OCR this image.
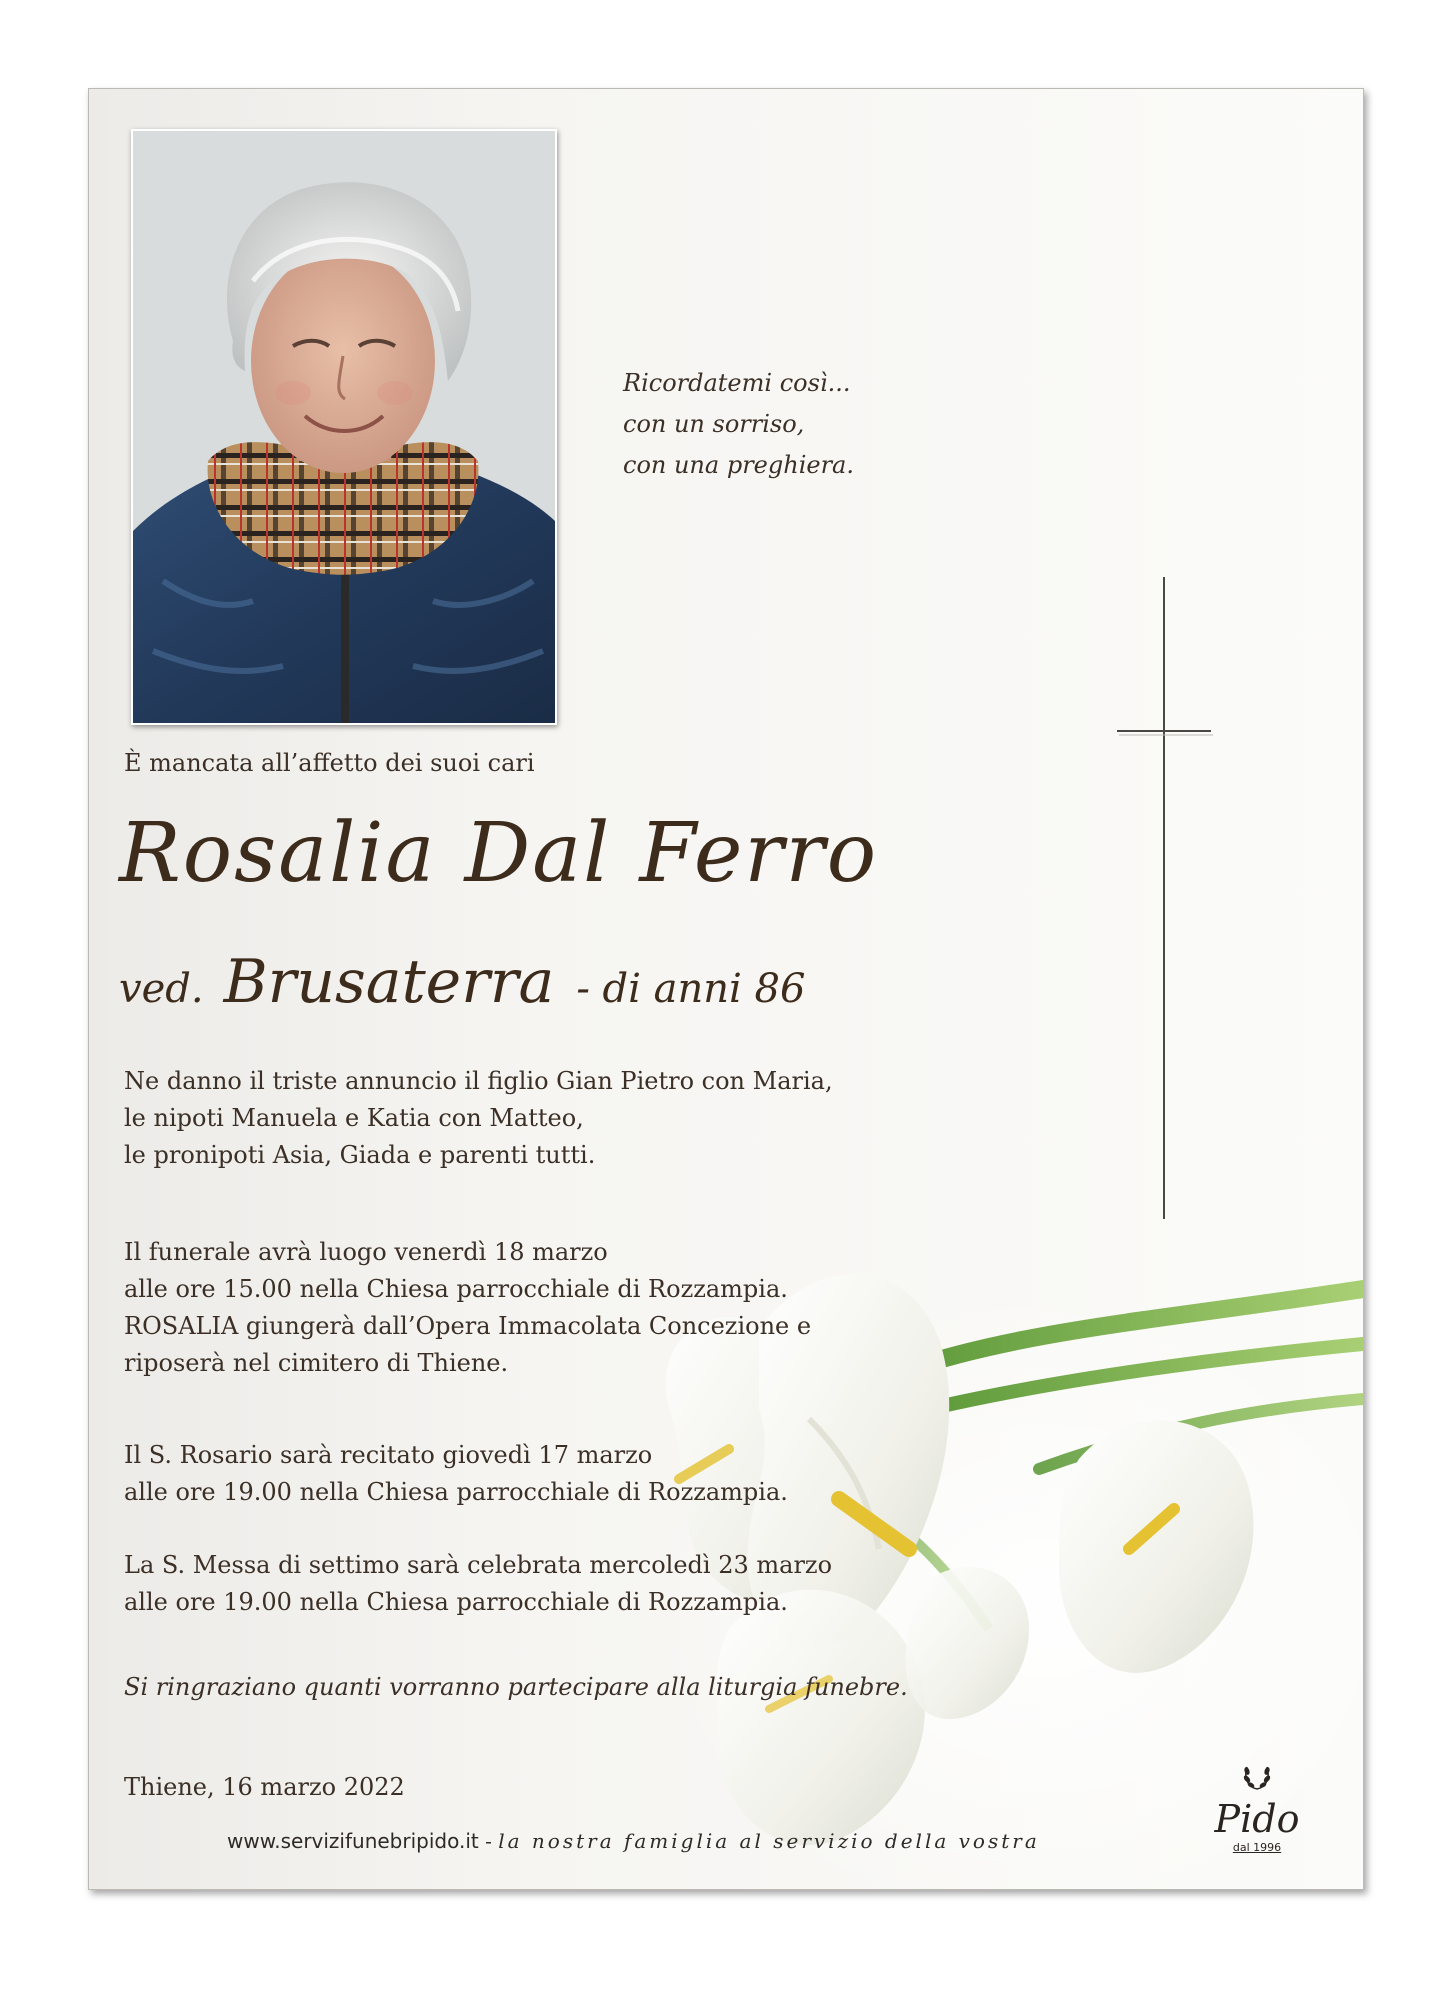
Ricordatemi così...
con un sorriso,
con una preghiera.
È mancata all’affetto dei suoi cari
Rosalia Dal Ferro
ved. Brusaterra - di anni 86
Ne danno il triste annuncio il figlio Gian Pietro con Maria,
le nipoti Manuela e Katia con Matteo,
le pronipoti Asia, Giada e parenti tutti.
Il funerale avrà luogo venerdì 18 marzo
alle ore 15.00 nella Chiesa parrocchiale di Rozzampia.
ROSALIA giungerà dall’Opera Immacolata Concezione e
riposerà nel cimitero di Thiene.
Il S. Rosario sarà recitato giovedì 17 marzo
alle ore 19.00 nella Chiesa parrocchiale di Rozzampia.
La S. Messa di settimo sarà celebrata mercoledì 23 marzo
alle ore 19.00 nella Chiesa parrocchiale di Rozzampia.
Si ringraziano quanti vorranno partecipare alla liturgia funebre.
Thiene, 16 marzo 2022
Pido
dal 1996
www.servizifunebripido.it - la nostra famiglia al servizio della vostra
